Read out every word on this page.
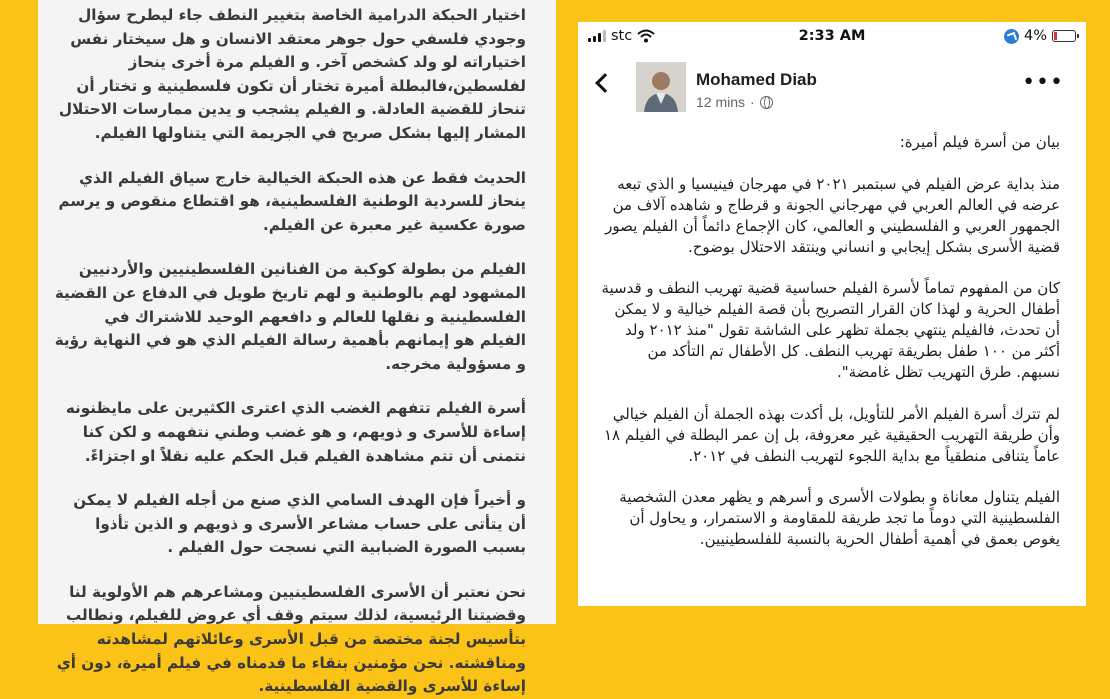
اختيار الحبكة الدرامية الخاصة بتغيير النطف جاء ليطرح سؤال وجودي فلسفي حول جوهر معتقد الانسان و هل سيختار نفس اختياراته لو ولد كشخص آخر. و الفيلم مرة أخرى ينحاز لفلسطين،فالبطلة أميرة تختار أن تكون فلسطينية و تختار أن تنحاز للقضية العادلة. و الفيلم يشجب و يدين ممارسات الاحتلال المشار إليها بشكل صريح في الجريمة التي يتناولها الفيلم.

الحديث فقط عن هذه الحبكة الخيالية خارج سياق الفيلم الذي ينحاز للسردية الوطنية الفلسطينية، هو اقتطاع منقوص و يرسم صورة عكسية غير معبرة عن الفيلم.

الفيلم من بطولة كوكبة من الفنانين الفلسطينيين والأردنيين المشهود لهم بالوطنية و لهم تاريخ طويل في الدفاع عن القضية الفلسطينية و نقلها للعالم و دافعهم الوحيد للاشتراك في الفيلم هو إيمانهم بأهمية رسالة الفيلم الذي هو في النهاية رؤية و مسؤولية مخرجه.

أسرة الفيلم تتفهم الغضب الذي اعترى الكثيرين على مايظنونه إساءة للأسرى و ذويهم، و هو غضب وطني نتفهمه و لكن كنا نتمنى أن تتم مشاهدة الفيلم قبل الحكم عليه نقلاً او اجتزاءً.

و أخيراً فإن الهدف السامي الذي صنع من أجله الفيلم لا يمكن أن يتأتى على حساب مشاعر الأسرى و ذويهم و الذين تأذوا بسبب الصورة الضبابية التي نسجت حول الفيلم .

نحن نعتبر أن الأسرى الفلسطينيين ومشاعرهم هم الأولوية لنا وقضيتنا الرئيسية، لذلك سيتم وقف أي عروض للفيلم، ونطالب بتأسيس لجنة مختصة من قبل الأسرى وعائلاتهم لمشاهدته ومناقشته. نحن مؤمنين بنقاء ما قدمناه في فيلم أميرة، دون أي إساءة للأسرى والقضية الفلسطينية.

stc	2:33 AM	4%
Mohamed Diab
12 mins ·
•••

بيان من أسرة فيلم أميرة:

منذ بداية عرض الفيلم في سبتمبر ٢٠٢١ في مهرجان فينيسيا و الذي تبعه عرضه في العالم العربي في مهرجاني الجونة و قرطاج و شاهده آلاف من الجمهور العربي و الفلسطيني و العالمي، كان الإجماع دائماً أن الفيلم يصور قضية الأسرى بشكل إيجابي و انساني وينتقد الاحتلال بوضوح.

كان من المفهوم تماماً لأسرة الفيلم حساسية قضية تهريب النطف و قدسية أطفال الحرية و لهذا كان القرار التصريح بأن قصة الفيلم خيالية و لا يمكن أن تحدث، فالفيلم ينتهي بجملة تظهر على الشاشة تقول "منذ ٢٠١٢ ولد أكثر من ١٠٠ طفل بطريقة تهريب النطف. كل الأطفال تم التأكد من نسبهم. طرق التهريب تظل غامضة".

لم تترك أسرة الفيلم الأمر للتأويل، بل أكدت بهذه الجملة أن الفيلم خيالي وأن طريقة التهريب الحقيقية غير معروفة، بل إن عمر البطلة في الفيلم ١٨ عاماً يتنافى منطقياً مع بداية اللجوء لتهريب النطف في ٢٠١٢.

الفيلم يتناول معاناة و بطولات الأسرى و أسرهم و يظهر معدن الشخصية الفلسطينية التي دوماً ما تجد طريقة للمقاومة و الاستمرار، و يحاول أن يغوص بعمق في أهمية أطفال الحرية بالنسبة للفلسطينيين.
